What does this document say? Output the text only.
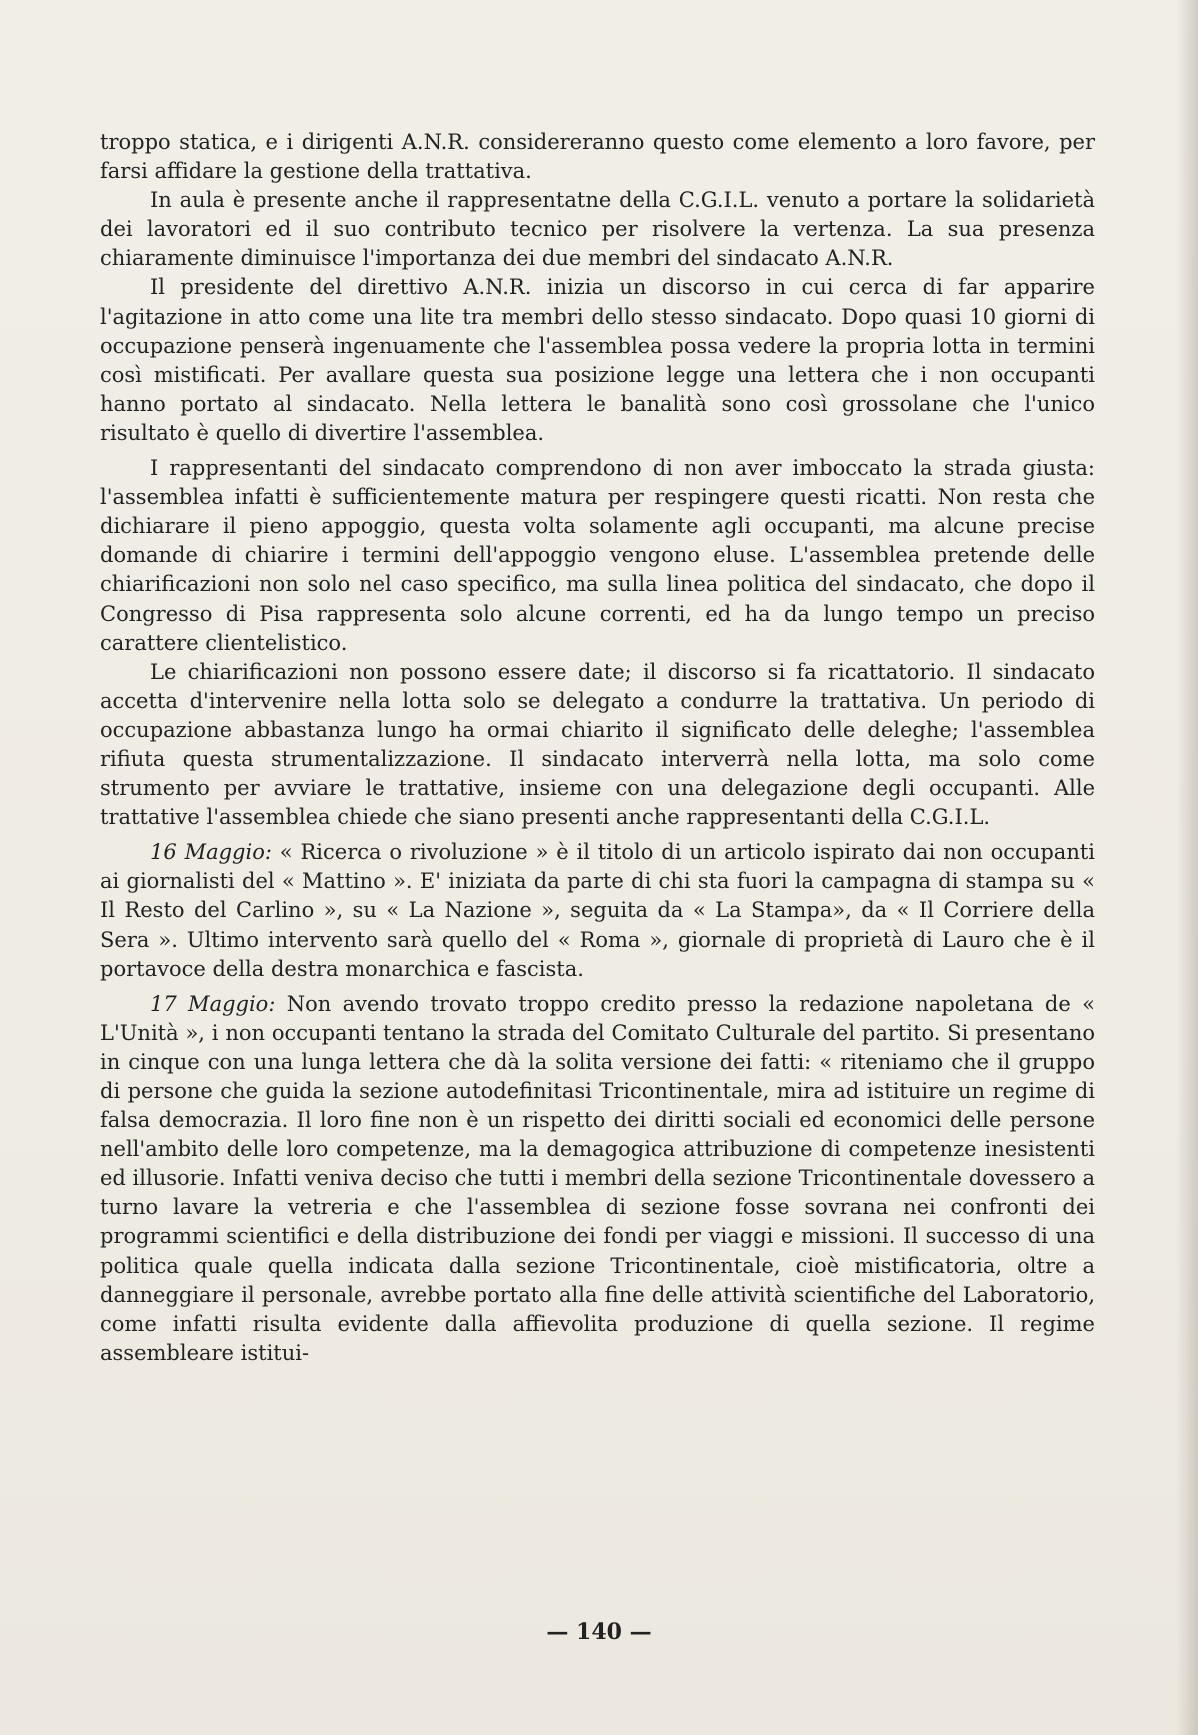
troppo statica, e i dirigenti A.N.R. considereranno questo come elemento a loro favore, per farsi affidare la gestione della trattativa.

In aula è presente anche il rappresentatne della C.G.I.L. venuto a portare la solidarietà dei lavoratori ed il suo contributo tecnico per risolvere la vertenza. La sua presenza chiaramente diminuisce l'importanza dei due membri del sindacato A.N.R.

Il presidente del direttivo A.N.R. inizia un discorso in cui cerca di far apparire l'agitazione in atto come una lite tra membri dello stesso sindacato. Dopo quasi 10 giorni di occupazione penserà ingenuamente che l'assemblea possa vedere la propria lotta in termini così mistificati. Per avallare questa sua posizione legge una lettera che i non occupanti hanno portato al sindacato. Nella lettera le banalità sono così grossolane che l'unico risultato è quello di divertire l'assemblea.

I rappresentanti del sindacato comprendono di non aver imboccato la strada giusta: l'assemblea infatti è sufficientemente matura per respingere questi ricatti. Non resta che dichiarare il pieno appoggio, questa volta solamente agli occupanti, ma alcune precise domande di chiarire i termini dell'appoggio vengono eluse. L'assemblea pretende delle chiarificazioni non solo nel caso specifico, ma sulla linea politica del sindacato, che dopo il Congresso di Pisa rappresenta solo alcune correnti, ed ha da lungo tempo un preciso carattere clientelistico.

Le chiarificazioni non possono essere date; il discorso si fa ricattatorio. Il sindacato accetta d'intervenire nella lotta solo se delegato a condurre la trattativa. Un periodo di occupazione abbastanza lungo ha ormai chiarito il significato delle deleghe; l'assemblea rifiuta questa strumentalizzazione. Il sindacato interverrà nella lotta, ma solo come strumento per avviare le trattative, insieme con una delegazione degli occupanti. Alle trattative l'assemblea chiede che siano presenti anche rappresentanti della C.G.I.L.

16 Maggio: « Ricerca o rivoluzione » è il titolo di un articolo ispirato dai non occupanti ai giornalisti del « Mattino ». E' iniziata da parte di chi sta fuori la campagna di stampa su « Il Resto del Carlino », su « La Nazione », seguita da « La Stampa», da « Il Corriere della Sera ». Ultimo intervento sarà quello del « Roma », giornale di proprietà di Lauro che è il portavoce della destra monarchica e fascista.

17 Maggio: Non avendo trovato troppo credito presso la redazione napoletana de « L'Unità », i non occupanti tentano la strada del Comitato Culturale del partito. Si presentano in cinque con una lunga lettera che dà la solita versione dei fatti: « riteniamo che il gruppo di persone che guida la sezione autodefinitasi Tricontinentale, mira ad istituire un regime di falsa democrazia. Il loro fine non è un rispetto dei diritti sociali ed economici delle persone nell'ambito delle loro competenze, ma la demagogica attribuzione di competenze inesistenti ed illusorie. Infatti veniva deciso che tutti i membri della sezione Tricontinentale dovessero a turno lavare la vetreria e che l'assemblea di sezione fosse sovrana nei confronti dei programmi scientifici e della distribuzione dei fondi per viaggi e missioni. Il successo di una politica quale quella indicata dalla sezione Tricontinentale, cioè mistificatoria, oltre a danneggiare il personale, avrebbe portato alla fine delle attività scientifiche del Laboratorio, come infatti risulta evidente dalla affievolita produzione di quella sezione. Il regime assembleare istitui-

— 140 —
